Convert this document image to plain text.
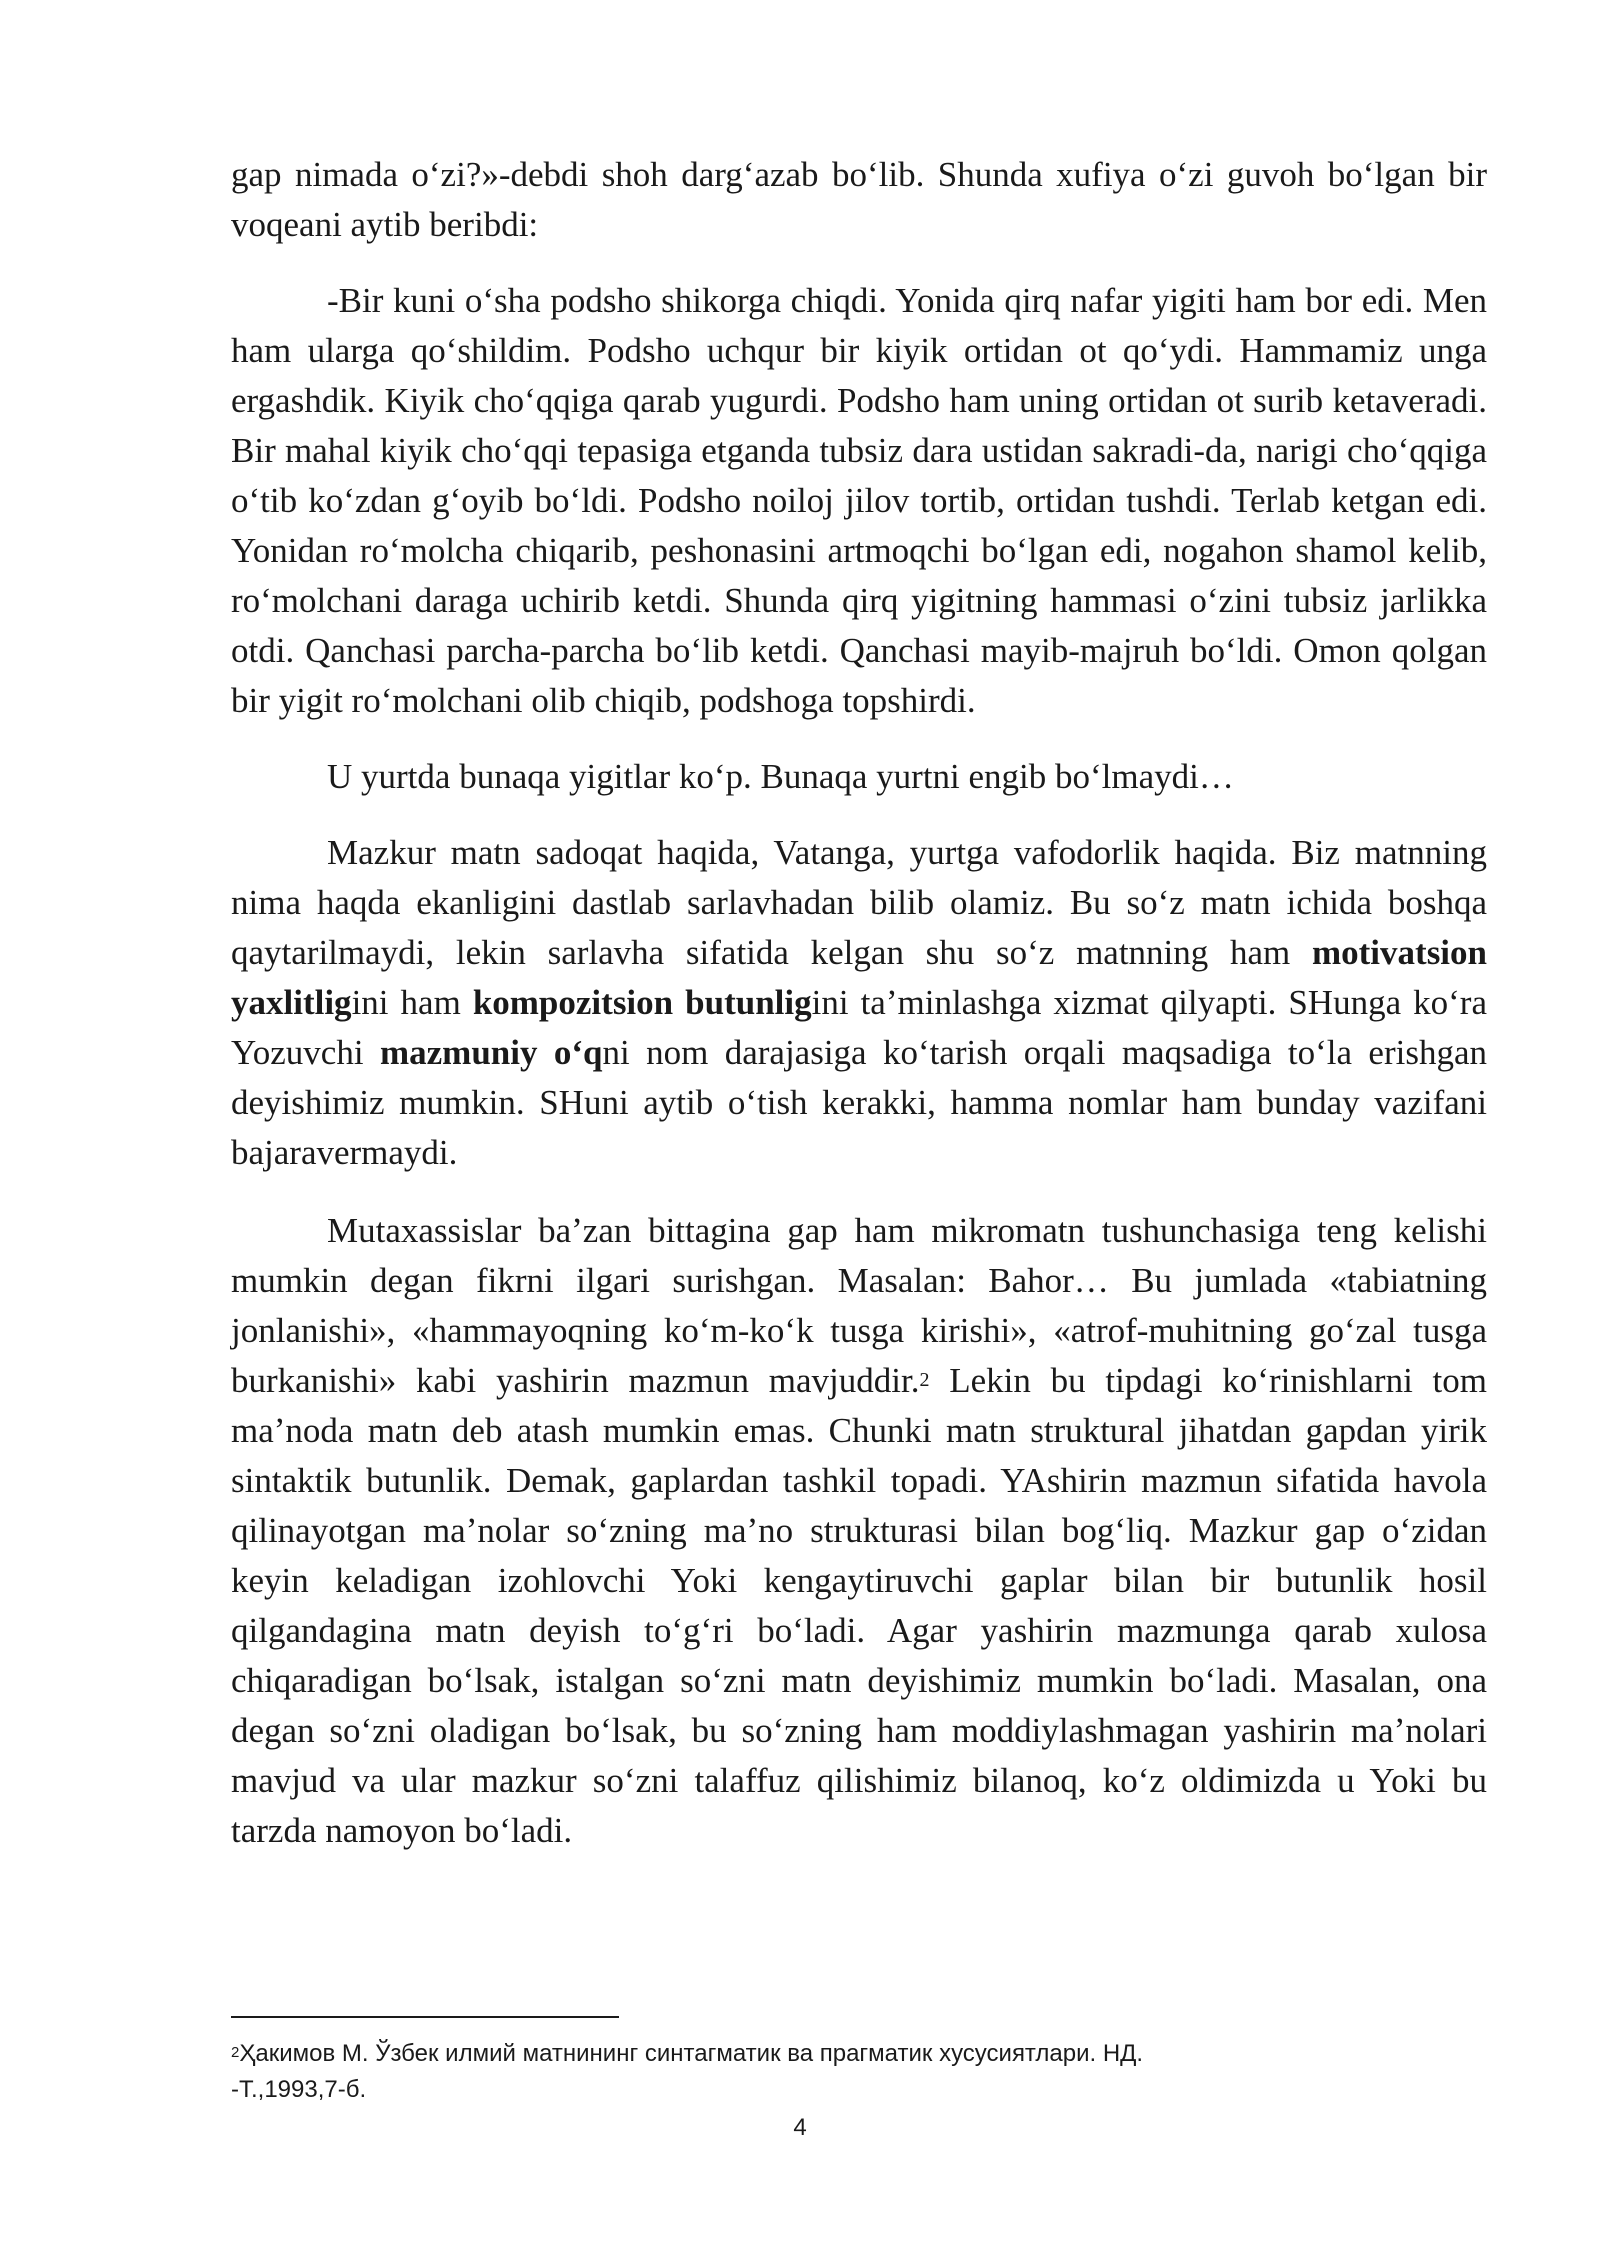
gap nimada oʻzi?»-debdi shoh dargʻazab boʻlib. Shunda xufiya oʻzi guvoh boʻlgan bir voqeani aytib beribdi:

-Bir kuni oʻsha podsho shikorga chiqdi. Yonida qirq nafar yigiti ham bor edi. Men ham ularga qoʻshildim. Podsho uchqur bir kiyik ortidan ot qoʻydi. Hammamiz unga ergashdik. Kiyik choʻqqiga qarab yugurdi. Podsho ham uning ortidan ot surib ketaveradi. Bir mahal kiyik choʻqqi tepasiga etganda tubsiz dara ustidan sakradi-da, narigi choʻqqiga oʻtib koʻzdan gʻoyib boʻldi. Podsho noiloj jilov tortib, ortidan tushdi. Terlab ketgan edi. Yonidan roʻmolcha chiqarib, peshonasini artmoqchi boʻlgan edi, nogahon shamol kelib, roʻmolchani daraga uchirib ketdi. Shunda qirq yigitning hammasi oʻzini tubsiz jarlikka otdi. Qanchasi parcha-parcha boʻlib ketdi. Qanchasi mayib-majruh boʻldi. Omon qolgan bir yigit roʻmolchani olib chiqib, podshoga topshirdi.

U yurtda bunaqa yigitlar koʻp. Bunaqa yurtni engib boʻlmaydi…

Mazkur matn sadoqat haqida, Vatanga, yurtga vafodorlik haqida. Biz matnning nima haqda ekanligini dastlab sarlavhadan bilib olamiz. Bu soʻz matn ichida boshqa qaytarilmaydi, lekin sarlavha sifatida kelgan shu soʻz matnning ham motivatsion yaxlitligini ham kompozitsion butunligini taʼminlashga xizmat qilyapti. SHunga koʻra Yozuvchi mazmuniy oʻqni nom darajasiga koʻtarish orqali maqsadiga toʻla erishgan deyishimiz mumkin. SHuni aytib oʻtish kerakki, hamma nomlar ham bunday vazifani bajaravermaydi.

Mutaxassislar baʼzan bittagina gap ham mikromatn tushunchasiga teng kelishi mumkin degan fikrni ilgari surishgan. Masalan: Bahor… Bu jumlada «tabiatning jonlanishi», «hammayoqning koʻm-koʻk tusga kirishi», «atrof-muhitning goʻzal tusga burkanishi» kabi yashirin mazmun mavjuddir.$^2$ Lekin bu tipdagi koʻrinishlarni tom maʼnoda matn deb atash mumkin emas. Chunki matn struktural jihatdan gapdan yirik sintaktik butunlik. Demak, gaplardan tashkil topadi. YAshirin mazmun sifatida havola qilinayotgan maʼnolar soʻzning maʼno strukturasi bilan bogʻliq. Mazkur gap oʻzidan keyin keladigan izohlovchi Yoki kengaytiruvchi gaplar bilan bir butunlik hosil qilgandagina matn deyish toʻgʻri boʻladi. Agar yashirin mazmunga qarab xulosa chiqaradigan boʻlsak, istalgan soʻzni matn deyishimiz mumkin boʻladi. Masalan, ona degan soʻzni oladigan boʻlsak, bu soʻzning ham moddiylashmagan yashirin maʼnolari mavjud va ular mazkur soʻzni talaffuz qilishimiz bilanoq, koʻz oldimizda u Yoki bu tarzda namoyon boʻladi.

$^2$Ҳакимов М. Ўзбек илмий матнининг синтагматик ва прагматик хусусиятлари. НД.
-Т.,1993,7-б.

4
